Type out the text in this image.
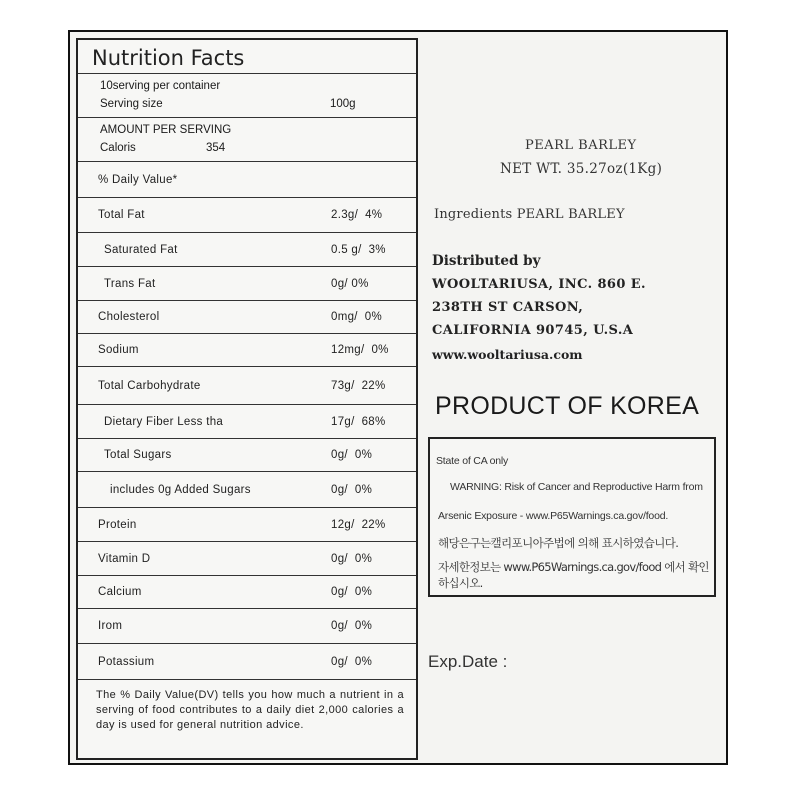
Nutrition Facts
10serving per container
Serving size	100g
AMOUNT PER SERVING
Caloris	354
% Daily Value*
Total Fat	2.3g/  4%
Saturated Fat	0.5 g/  3%
Trans Fat	0g/ 0%
Cholesterol	0mg/  0%
Sodium	12mg/  0%
Total Carbohydrate	73g/  22%
Dietary Fiber Less tha	17g/  68%
Total Sugars	0g/  0%
includes 0g Added Sugars	0g/  0%
Protein	12g/  22%
Vitamin D	0g/  0%
Calcium	0g/  0%
Irom	0g/  0%
Potassium	0g/  0%
The % Daily Value(DV) tells you how much a nutrient in a serving of food contributes to a daily diet 2,000 calories a day is used for general nutrition advice.
PEARL BARLEY
NET WT. 35.27oz(1Kg)
Ingredients PEARL BARLEY
Distributed by
WOOLTARIUSA, INC. 860 E.
238TH ST CARSON,
CALIFORNIA 90745, U.S.A
www.wooltariusa.com
PRODUCT OF KOREA
State of CA only
WARNING: Risk of Cancer and Reproductive Harm from
Arsenic Exposure - www.P65Warnings.ca.gov/food.
해당은구는캘리포니아주법에 의해 표시하였습니다.
자세한정보는 www.P65Warnings.ca.gov/food 에서 확인하십시오.
Exp.Date :
